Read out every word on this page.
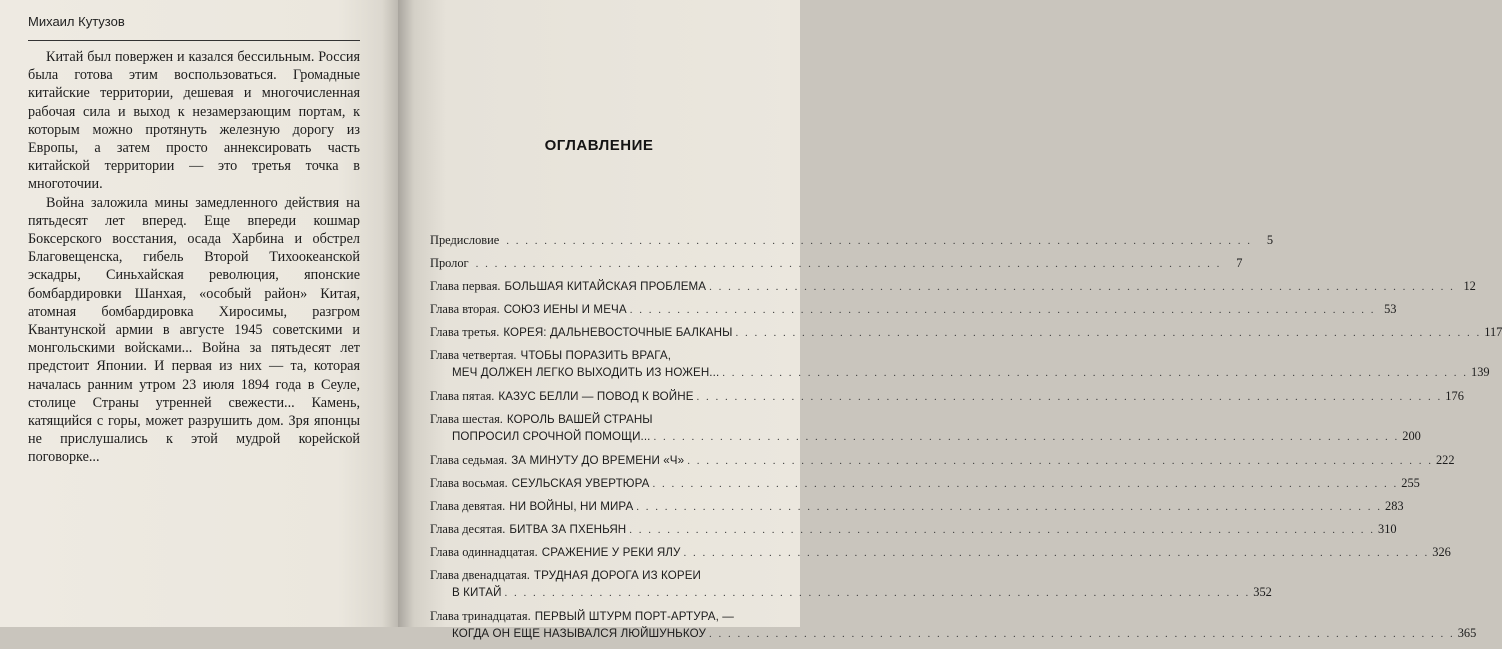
Михаил Кутузов

Китай был повержен и казался бессильным. Россия была готова этим воспользоваться. Громадные китайские территории, дешевая и многочисленная рабочая сила и выход к незамерзающим портам, к которым можно протянуть железную дорогу из Европы, а затем просто аннексировать часть китайской территории — это третья точка в многоточии.

Война заложила мины замедленного действия на пятьдесят лет вперед. Еще впереди кошмар Боксерского восстания, осада Харбина и обстрел Благовещенска, гибель Второй Тихоокеанской эскадры, Синьхайская революция, японские бомбардировки Шанхая, «особый район» Китая, атомная бомбардировка Хиросимы, разгром Квантунской армии в августе 1945 советскими и монгольскими войсками... Война за пятьдесят лет предстоит Японии. И первая из них — та, которая началась ранним утром 23 июля 1894 года в Сеуле, столице Страны утренней свежести... Камень, катящийся с горы, может разрушить дом. Зря японцы не прислушались к этой мудрой корейской поговорке...

ОГЛАВЛЕНИЕ
Предисловие . . .	5
Пролог . . .	7
Глава первая. БОЛЬШАЯ КИТАЙСКАЯ ПРОБЛЕМА . . .	12
Глава вторая. СОЮЗ ИЕНЫ И МЕЧА . . .	53
Глава третья. КОРЕЯ: ДАЛЬНЕВОСТОЧНЫЕ БАЛКАНЫ . . .	117
Глава четвертая. ЧТОБЫ ПОРАЗИТЬ ВРАГА,
МЕЧ ДОЛЖЕН ЛЕГКО ВЫХОДИТЬ ИЗ НОЖЕН... . . .	139
Глава пятая. КАЗУС БЕЛЛИ — ПОВОД К ВОЙНЕ . . .	176
Глава шестая. КОРОЛЬ ВАШЕЙ СТРАНЫ
ПОПРОСИЛ СРОЧНОЙ ПОМОЩИ... . . .	200
Глава седьмая. ЗА МИНУТУ ДО ВРЕМЕНИ «Ч» . . .	222
Глава восьмая. СЕУЛЬСКАЯ УВЕРТЮРА . . .	255
Глава девятая. НИ ВОЙНЫ, НИ МИРА . . .	283
Глава десятая. БИТВА ЗА ПХЕНЬЯН . . .	310
Глава одиннадцатая. СРАЖЕНИЕ У РЕКИ ЯЛУ . . .	326
Глава двенадцатая. ТРУДНАЯ ДОРОГА ИЗ КОРЕИ
В КИТАЙ . . .	352
Глава тринадцатая. ПЕРВЫЙ ШТУРМ ПОРТ-АРТУРА, —
КОГДА ОН ЕЩЕ НАЗЫВАЛСЯ ЛЮЙШУНЬКОУ . . .	365
